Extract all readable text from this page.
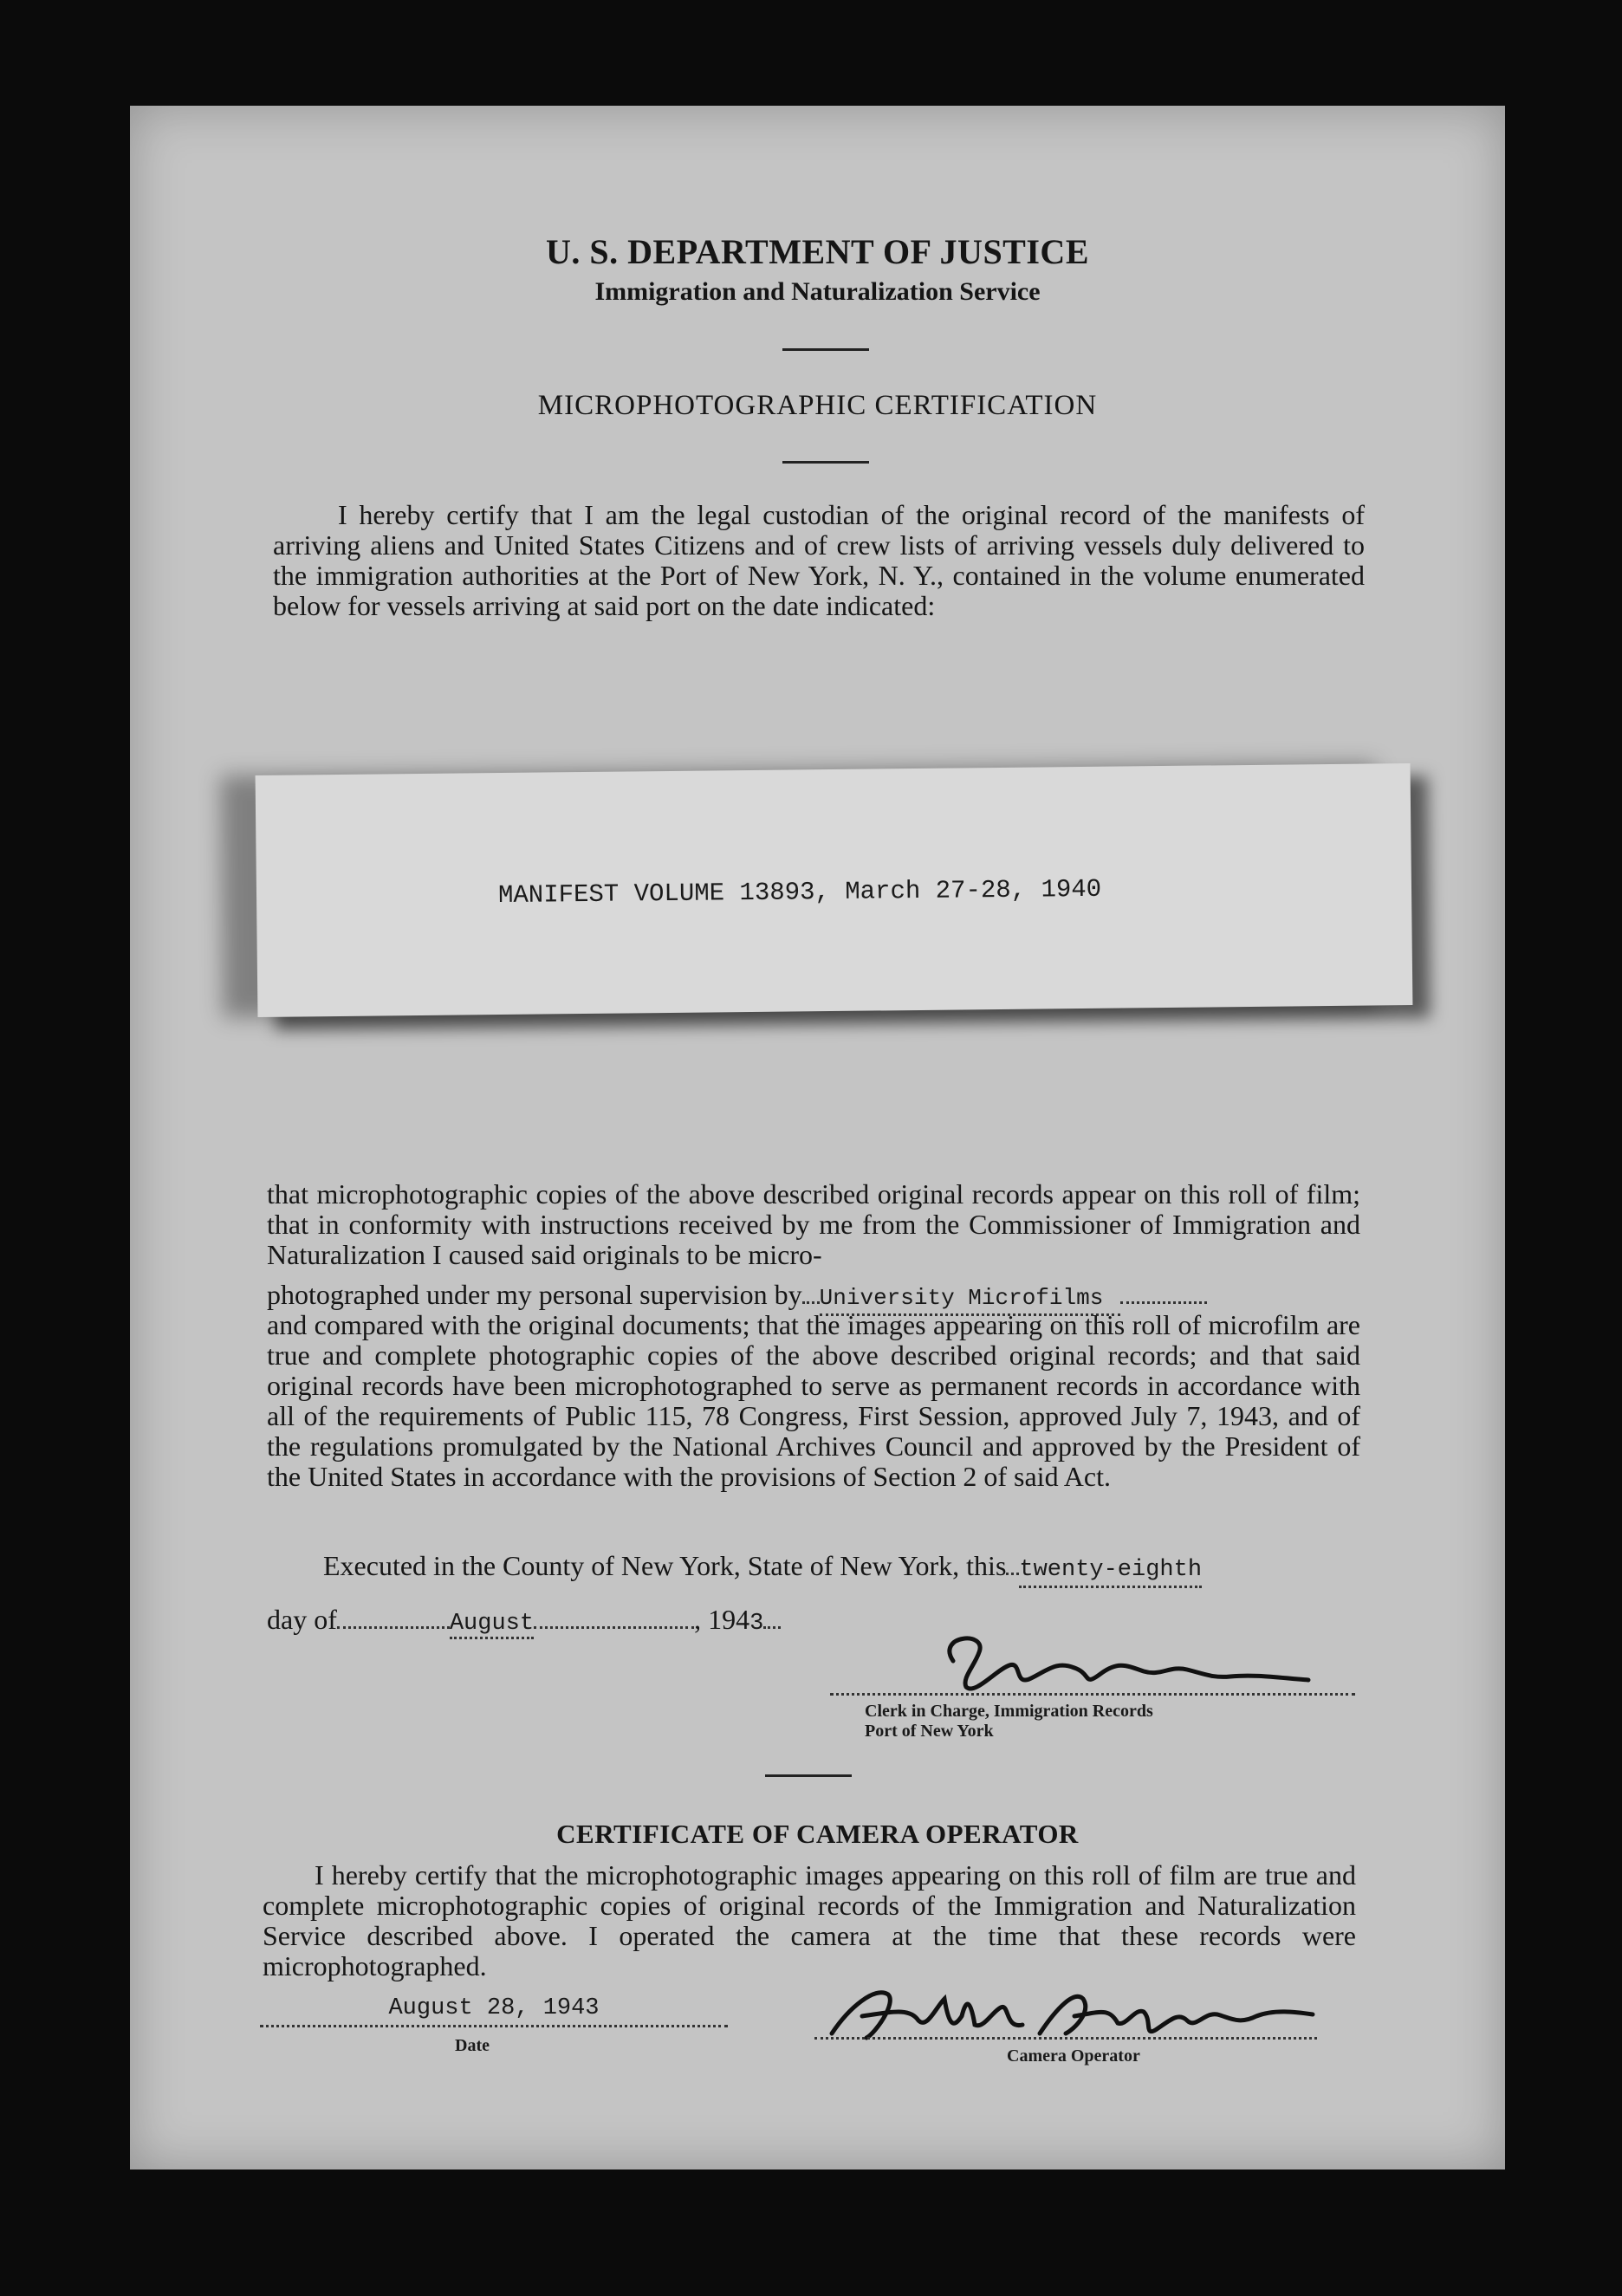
U. S. DEPARTMENT OF JUSTICE
Immigration and Naturalization Service
MICROPHOTOGRAPHIC CERTIFICATION
I hereby certify that I am the legal custodian of the original record of the manifests of arriving aliens and United States Citizens and of crew lists of arriving vessels duly delivered to the immigration authorities at the Port of New York, N. Y., contained in the volume enumerated below for vessels arriving at said port on the date indicated:
MANIFEST VOLUME 13893, March 27-28, 1940
that microphotographic copies of the above described original records appear on this roll of film; that in conformity with instructions received by me from the Commissioner of Immigration and Naturalization I caused said originals to be micro-
photographed under my personal supervision by University Microfilms
and compared with the original documents; that the images appearing on this roll of microfilm are true and complete photographic copies of the above described original records; and that said original records have been microphotographed to serve as permanent records in accordance with all of the requirements of Public 115, 78 Congress, First Session, approved July 7, 1943, and of the regulations promulgated by the National Archives Council and approved by the President of the United States in accordance with the provisions of Section 2 of said Act.
Executed in the County of New York, State of New York, this twenty-eighth
day of	August	, 1943
Clerk in Charge, Immigration Records
Port of New York
CERTIFICATE OF CAMERA OPERATOR
I hereby certify that the microphotographic images appearing on this roll of film are true and complete microphotographic copies of original records of the Immigration and Naturalization Service described above. I operated the camera at the time that these records were microphotographed.
August 28, 1943
Date
Camera Operator
